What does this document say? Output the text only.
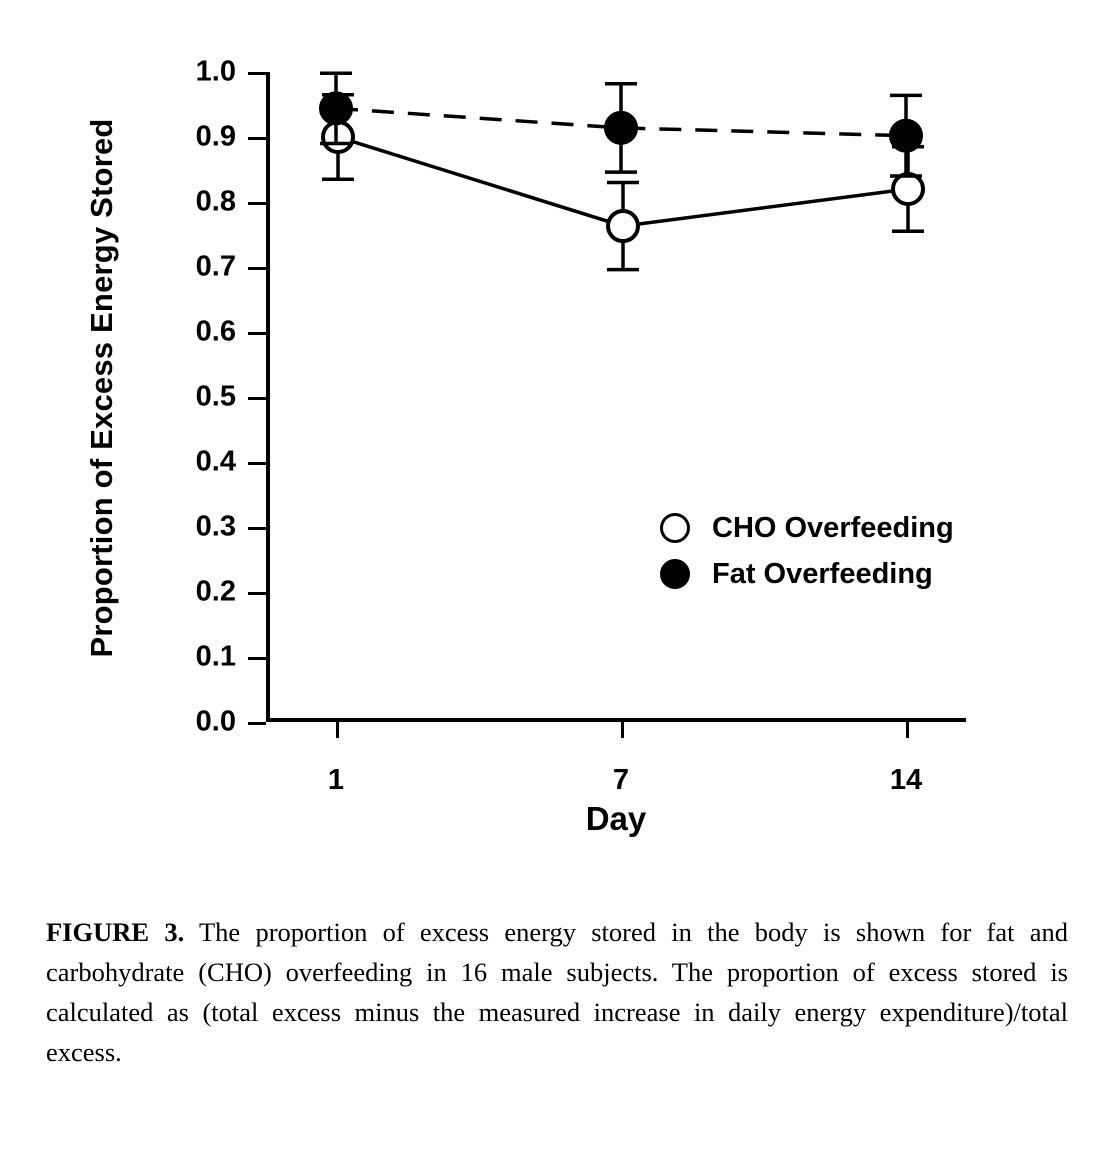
Proportion of Excess Energy Stored
1.0
0.9
0.8
0.7
0.6
0.5
0.4
0.3
0.2
0.1
0.0
1	7	14
Day
CHO Overfeeding
Fat Overfeeding

FIGURE 3. The proportion of excess energy stored in the body is shown for fat and carbohydrate (CHO) overfeeding in 16 male subjects. The proportion of excess stored is calculated as (total excess minus the measured increase in daily energy expenditure)/total excess.
